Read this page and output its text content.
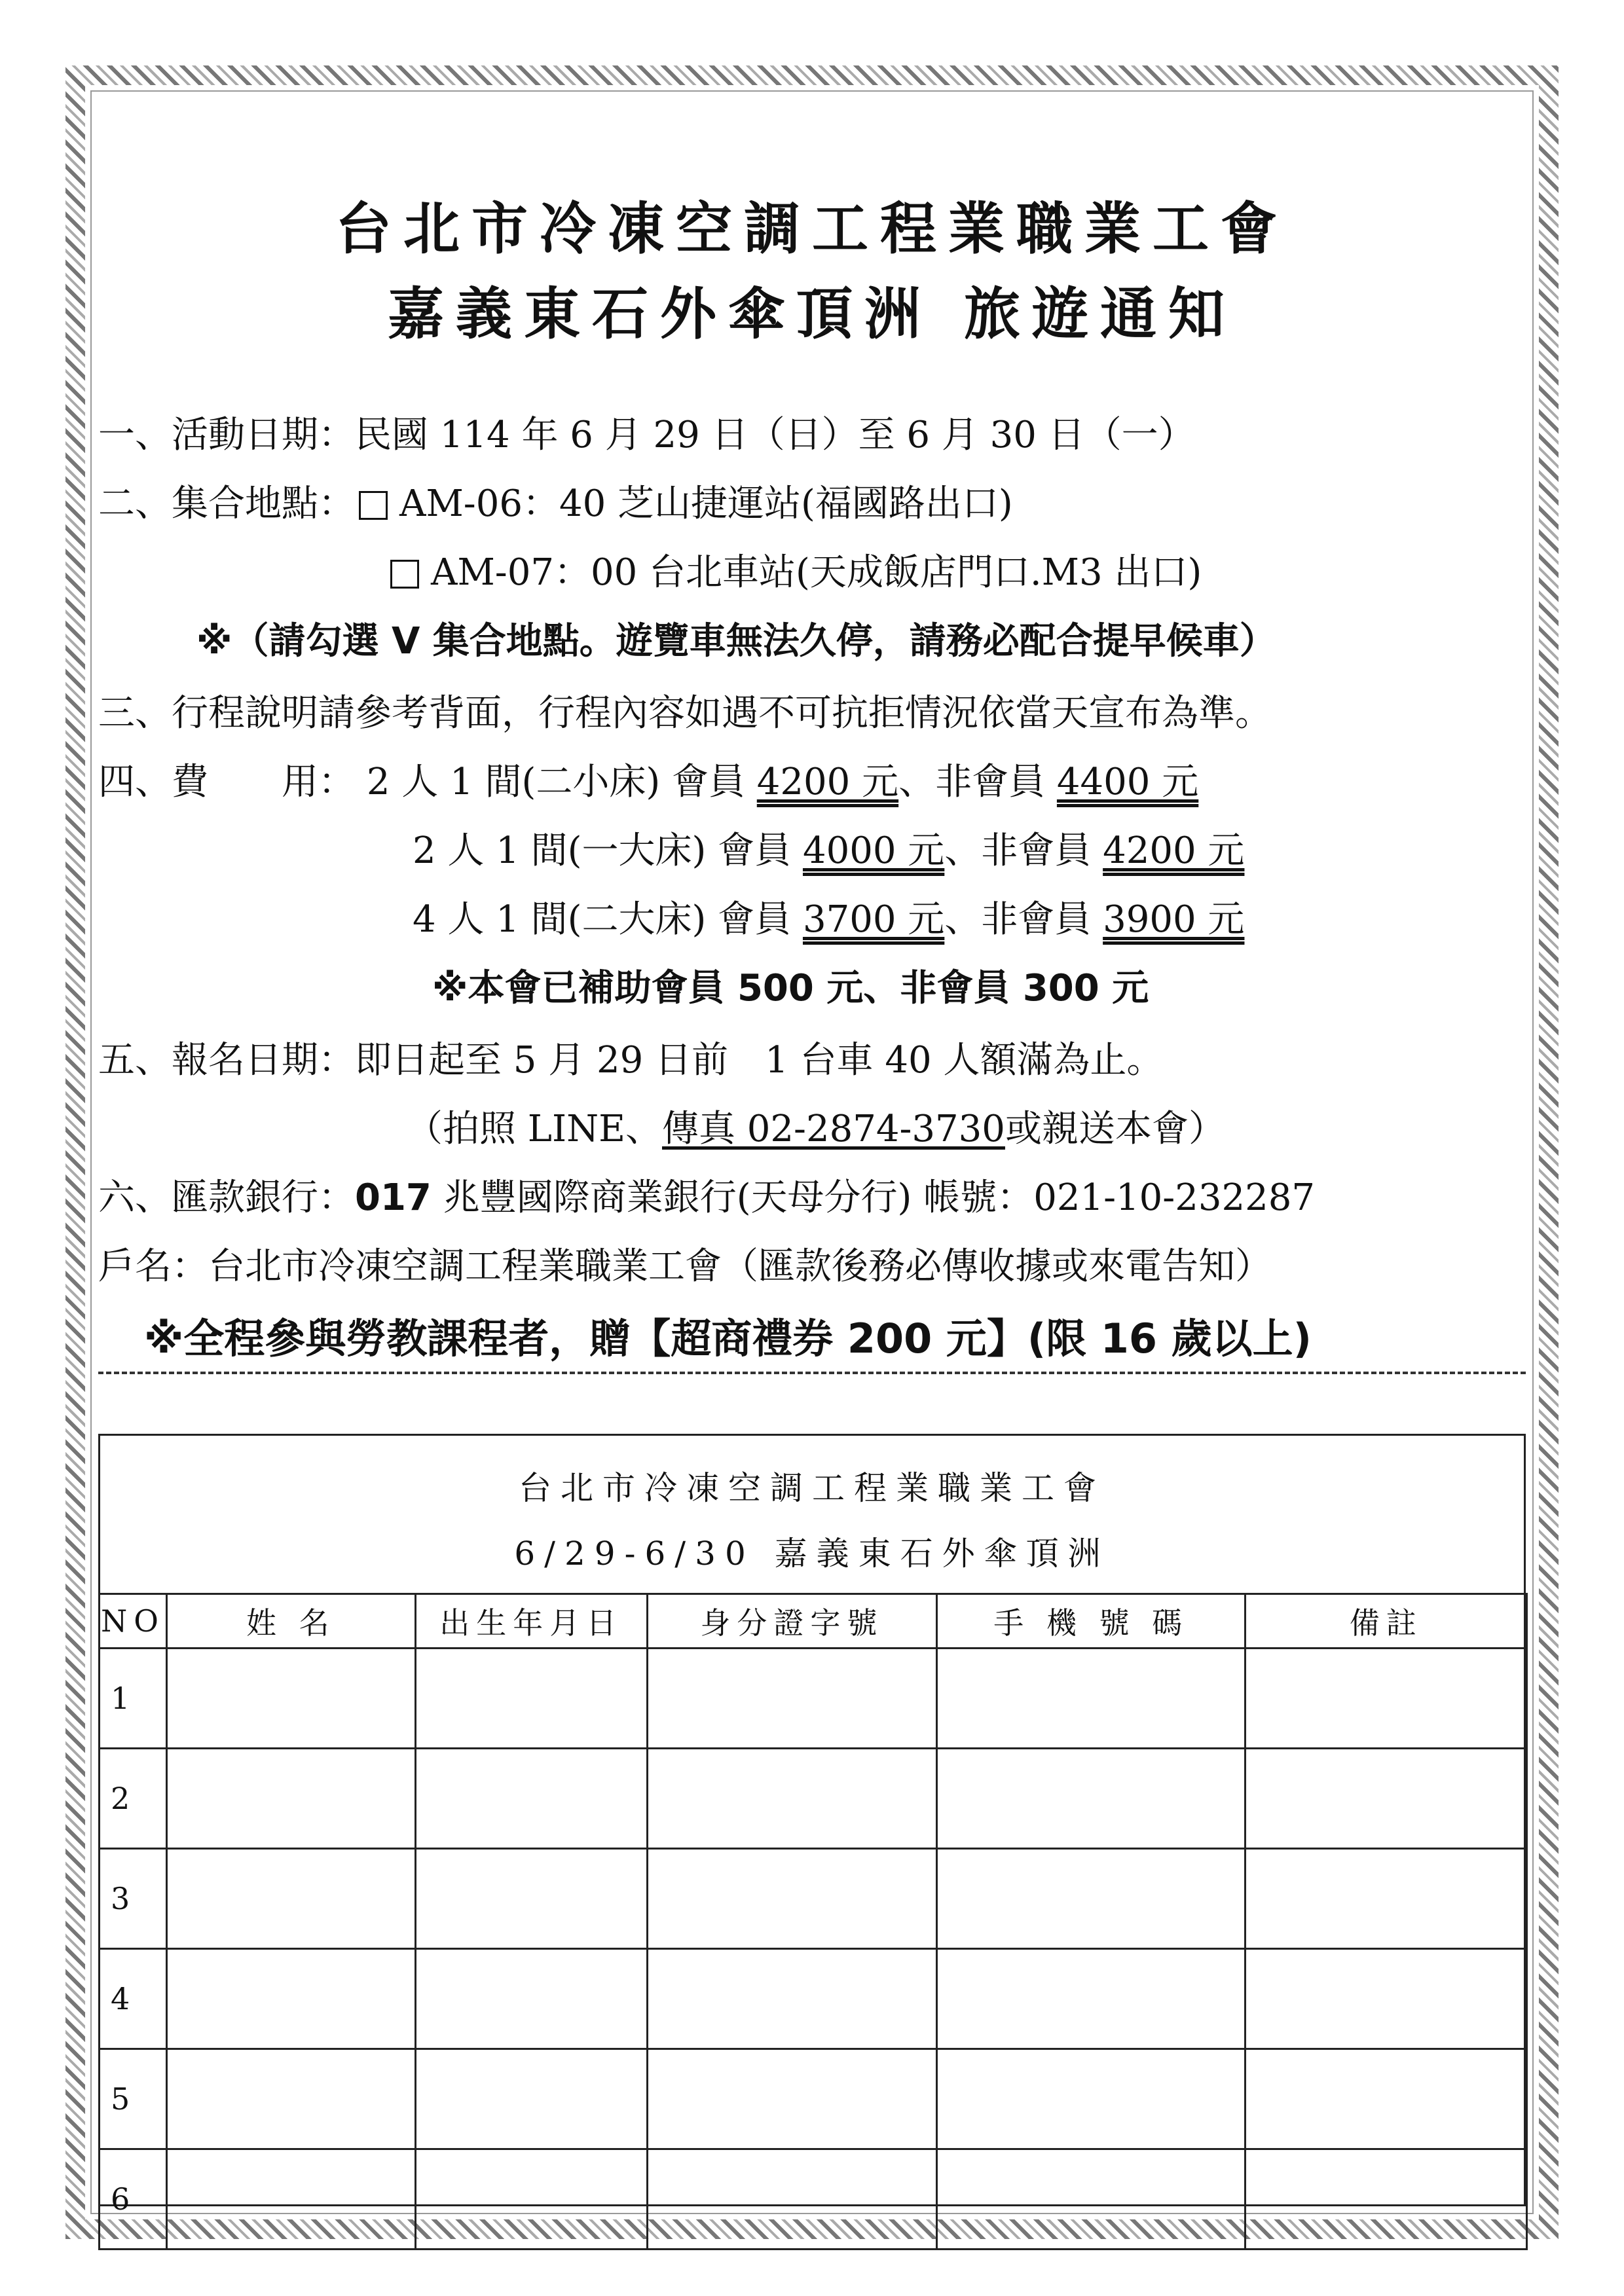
台北市冷凍空調工程業職業工會
嘉義東石外傘頂洲 旅遊通知
一、活動日期：民國 114 年 6 月 29 日（日）至 6 月 30 日（一）
二、集合地點： AM-06：40 芝山捷運站(福國路出口)
AM-07：00 台北車站(天成飯店門口.M3 出口)
※（請勾選 V 集合地點。遊覽車無法久停，請務必配合提早候車）
三、行程說明請參考背面，行程內容如遇不可抗拒情況依當天宣布為準。
四、費　　用： 2 人 1 間(二小床) 會員 4200 元、非會員 4400 元
2 人 1 間(一大床) 會員 4000 元、非會員 4200 元
4 人 1 間(二大床) 會員 3700 元、非會員 3900 元
※本會已補助會員 500 元、非會員 300 元
五、報名日期：即日起至 5 月 29 日前　1 台車 40 人額滿為止。
（拍照 LINE、傳真 02-2874-3730或親送本會）
六、匯款銀行：017 兆豐國際商業銀行(天母分行) 帳號：021-10-232287
戶名：台北市冷凍空調工程業職業工會（匯款後務必傳收據或來電告知）
※全程參與勞教課程者，贈【超商禮券 200 元】(限 16 歲以上)
台北市冷凍空調工程業職業工會
6/29-6/30 嘉義東石外傘頂洲
NO	姓 名	出生年月日	身分證字號	手 機 號 碼	備註
1					
2					
3					
4					
5					
6					
